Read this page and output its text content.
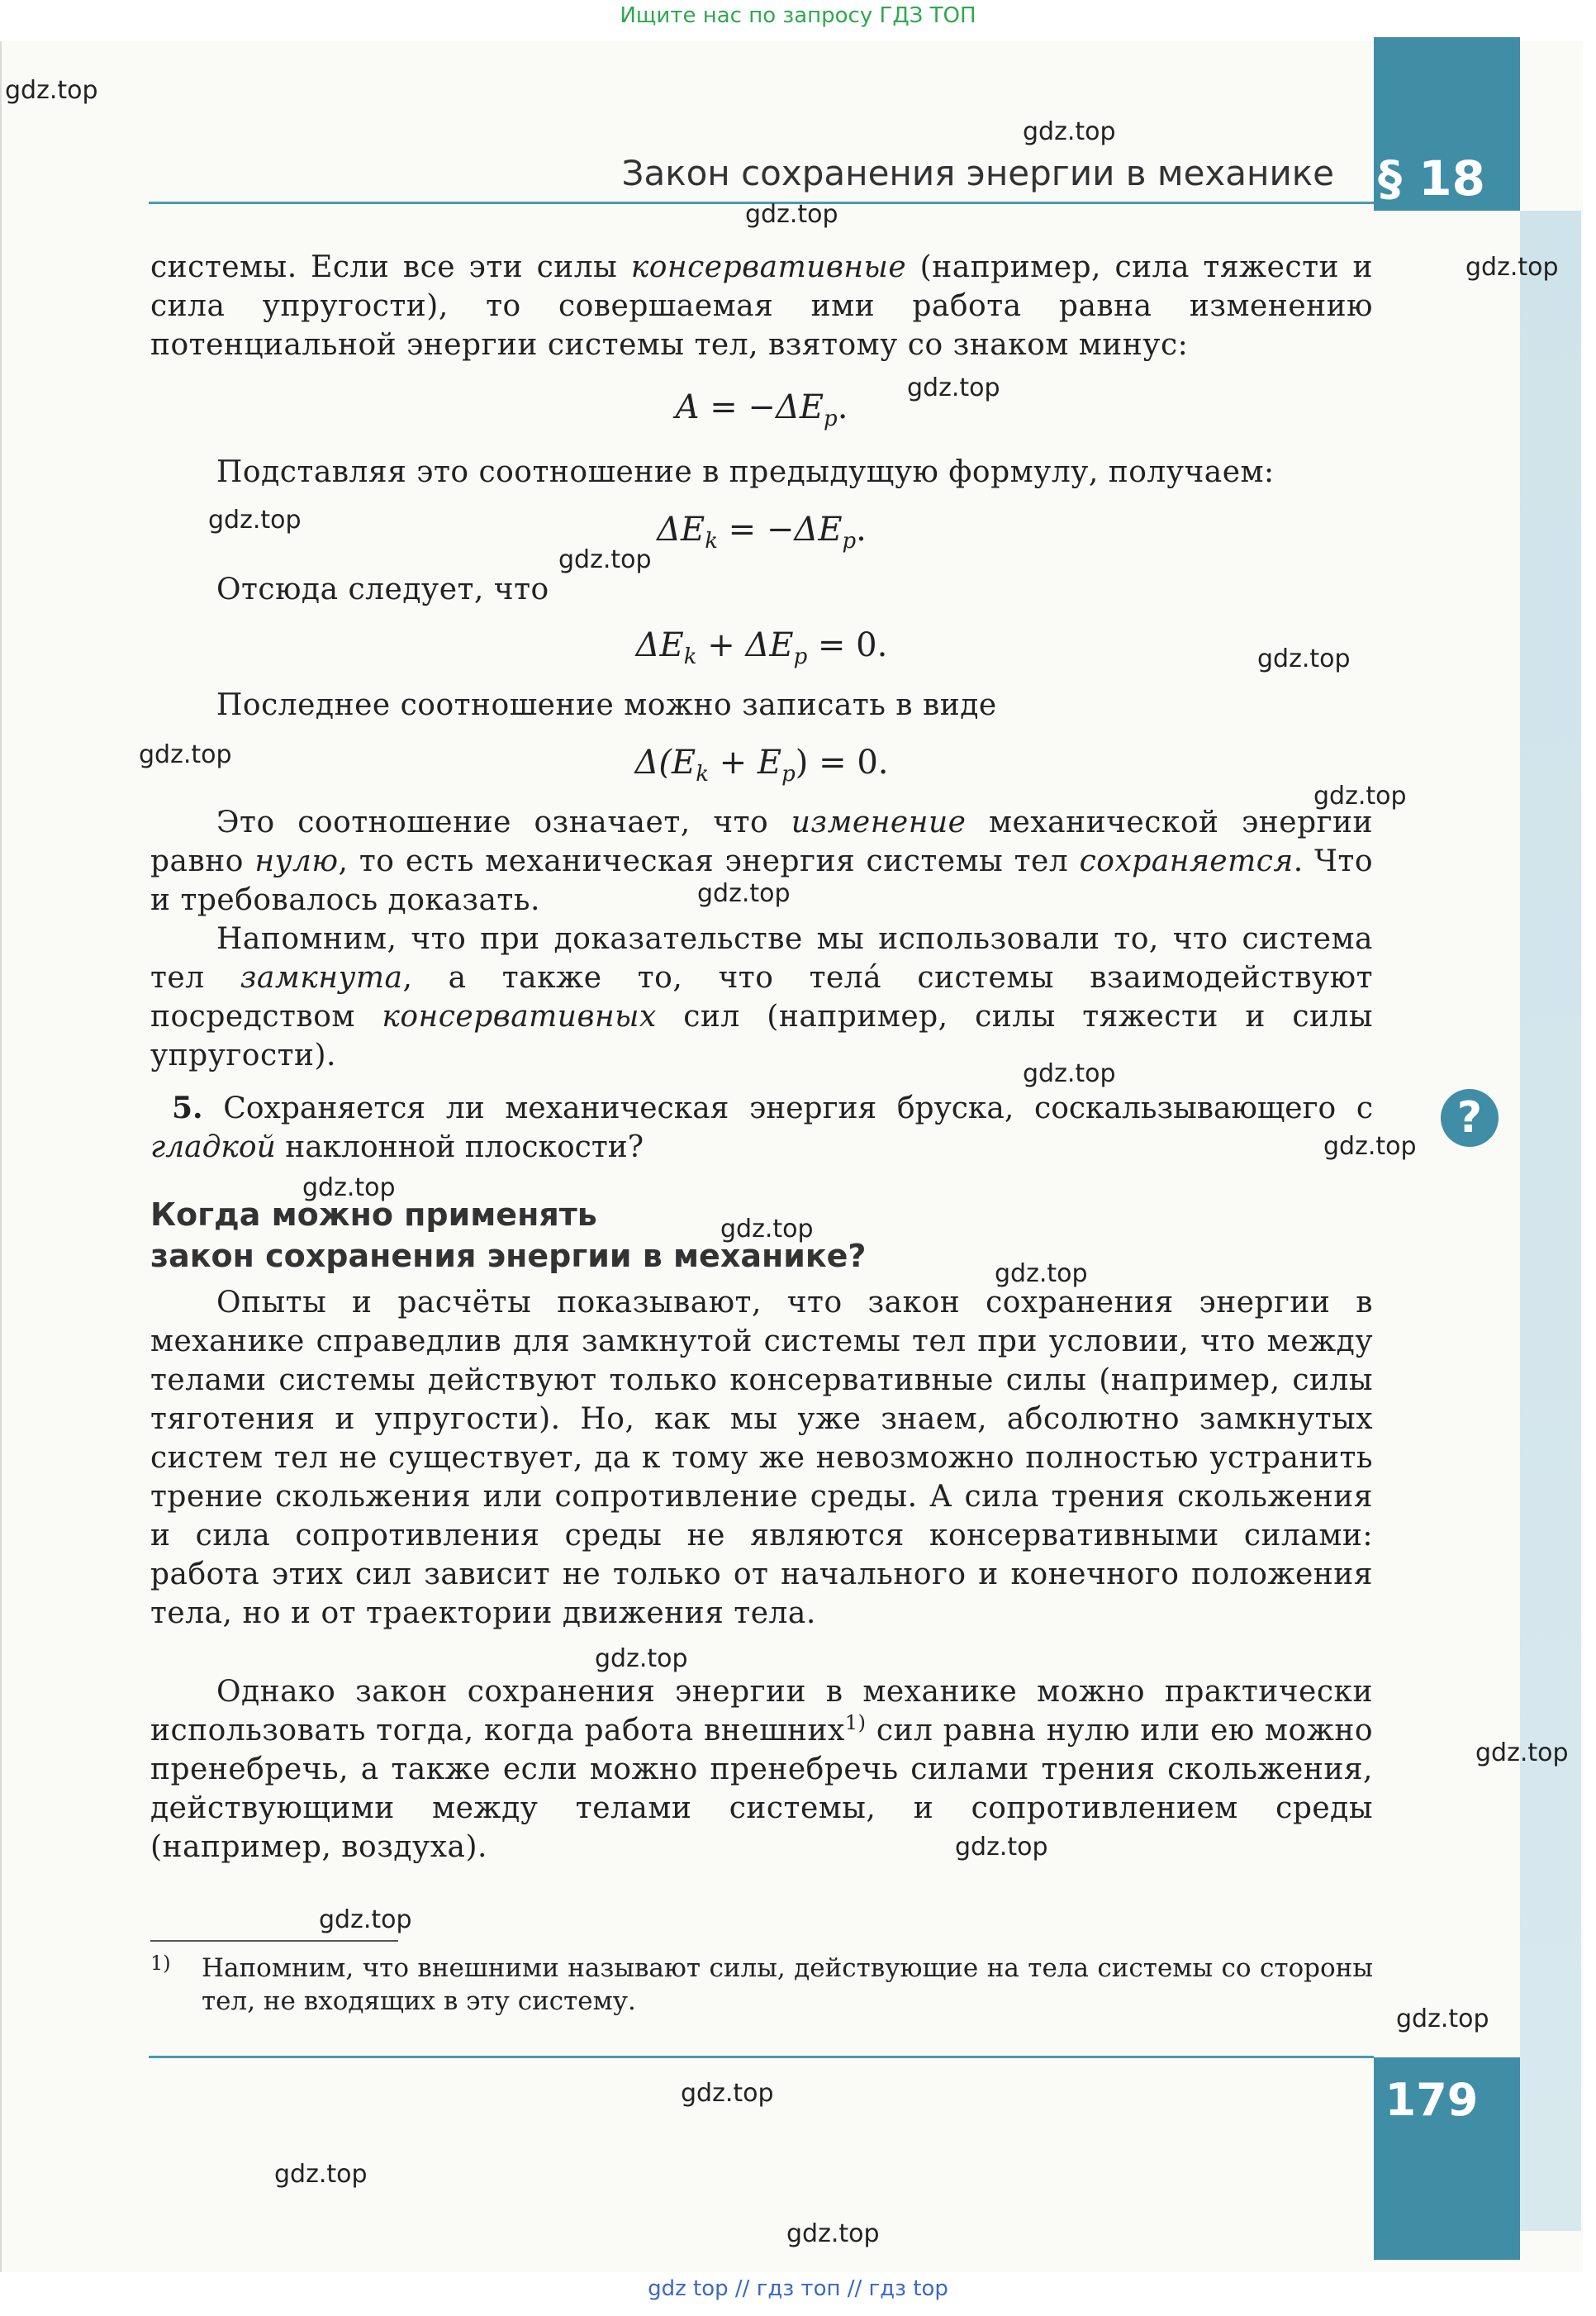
Ищите нас по запросу ГДЗ ТОП
§ 18
Закон сохранения энергии в механике

системы. Если все эти силы консервативные (например, сила тяжести и сила упругости), то совершаемая ими работа равна изменению потенциальной энергии системы тел, взятому со знаком минус:

$A = -\Delta E_p$.

Подставляя это соотношение в предыдущую формулу, получаем:

$\Delta E_k = -\Delta E_p$.

Отсюда следует, что

$\Delta E_k + \Delta E_p = 0$.

Последнее соотношение можно записать в виде

$\Delta(E_k + E_p) = 0$.

Это соотношение означает, что изменение механической энергии равно нулю, то есть механическая энергия системы тел сохраняется. Что и требовалось доказать.

Напомним, что при доказательстве мы использовали то, что система тел замкнута, а также то, что телá системы взаимодействуют посредством консервативных сил (например, силы тяжести и силы упругости).

5. Сохраняется ли механическая энергия бруска, соскальзывающего с гладкой наклонной плоскости?

?
Когда можно применять
закон сохранения энергии в механике?

Опыты и расчёты показывают, что закон сохранения энергии в механике справедлив для замкнутой системы тел при условии, что между телами системы действуют только консервативные силы (например, силы тяготения и упругости). Но, как мы уже знаем, абсолютно замкнутых систем тел не существует, да к тому же невозможно полностью устранить трение скольжения или сопротивление среды. А сила трения скольжения и сила сопротивления среды не являются консервативными силами: работа этих сил зависит не только от начального и конечного положения тела, но и от траектории движения тела.

Однако закон сохранения энергии в механике можно практически использовать тогда, когда работа внешних$^{1)}$ сил равна нулю или ею можно пренебречь, а также если можно пренебречь силами трения скольжения, действующими между телами системы, и сопротивлением среды (например, воздуха).

1) Напомним, что внешними называют силы, действующие на тела системы со стороны тел, не входящих в эту систему.
179
gdz.top
gdz.top
gdz.top
gdz.top
gdz.top
gdz.top
gdz.top
gdz.top
gdz.top
gdz.top
gdz.top
gdz.top
gdz.top
gdz.top
gdz.top
gdz.top
gdz.top
gdz.top
gdz.top
gdz.top
gdz.top
gdz.top
gdz.top
gdz.top
gdz top // гдз топ // гдз top
